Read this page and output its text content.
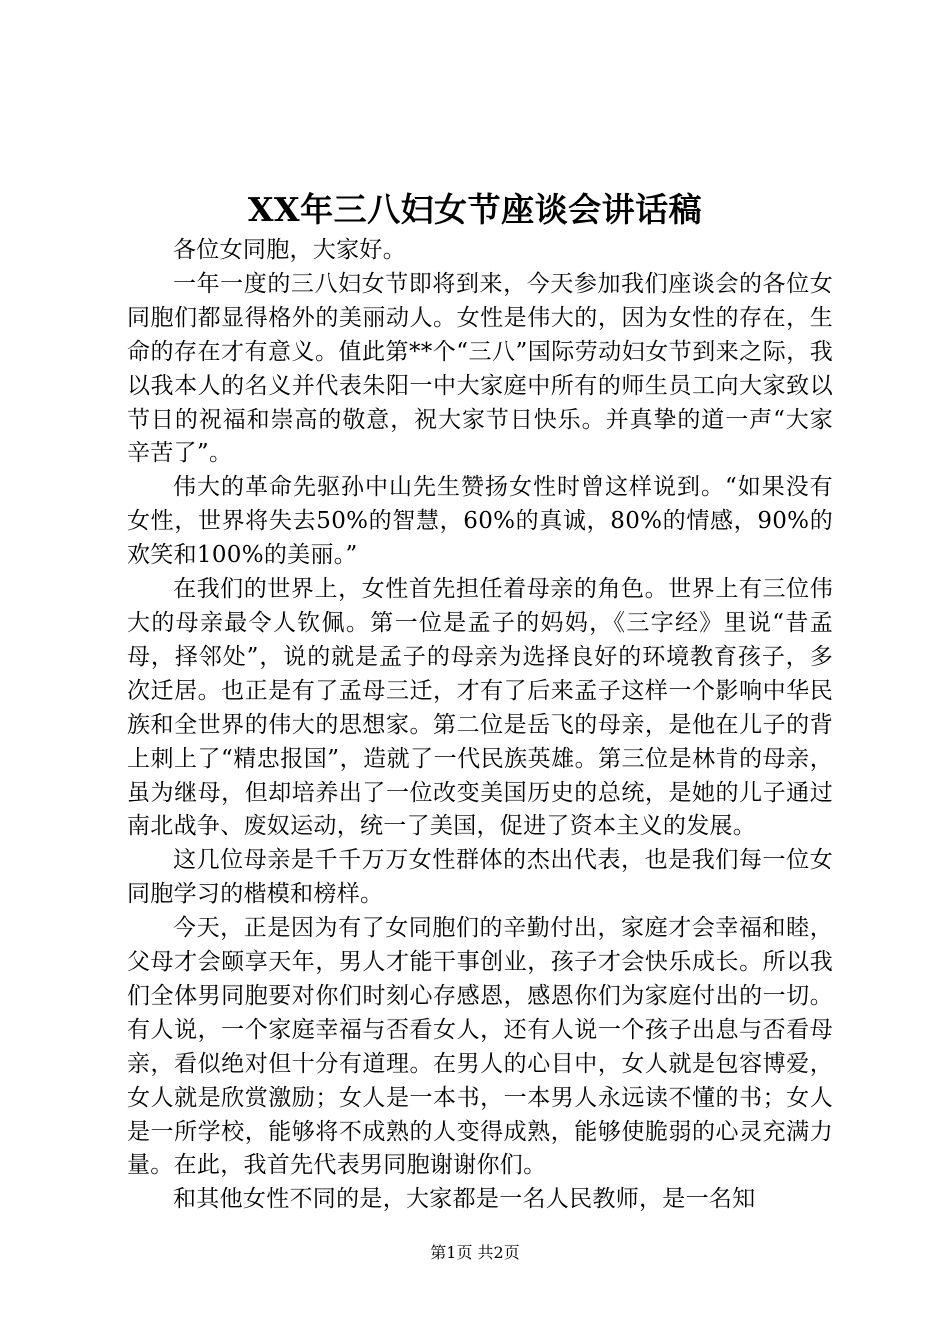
XX年三八妇女节座谈会讲话稿

各位女同胞，大家好。

一年一度的三八妇女节即将到来，今天参加我们座谈会的各位女同胞们都显得格外的美丽动人。女性是伟大的，因为女性的存在，生命的存在才有意义。值此第**个“三八”国际劳动妇女节到来之际，我以我本人的名义并代表朱阳一中大家庭中所有的师生员工向大家致以节日的祝福和崇高的敬意，祝大家节日快乐。并真挚的道一声“大家辛苦了”。

伟大的革命先驱孙中山先生赞扬女性时曾这样说到。“如果没有女性，世界将失去50%的智慧，60%的真诚，80%的情感，90%的欢笑和100%的美丽。”

在我们的世界上，女性首先担任着母亲的角色。世界上有三位伟大的母亲最令人钦佩。第一位是孟子的妈妈，《三字经》里说“昔孟母，择邻处”，说的就是孟子的母亲为选择良好的环境教育孩子，多次迁居。也正是有了孟母三迁，才有了后来孟子这样一个影响中华民族和全世界的伟大的思想家。第二位是岳飞的母亲，是他在儿子的背上刺上了“精忠报国”，造就了一代民族英雄。第三位是林肯的母亲，虽为继母，但却培养出了一位改变美国历史的总统，是她的儿子通过南北战争、废奴运动，统一了美国，促进了资本主义的发展。

这几位母亲是千千万万女性群体的杰出代表，也是我们每一位女同胞学习的楷模和榜样。

今天，正是因为有了女同胞们的辛勤付出，家庭才会幸福和睦，父母才会颐享天年，男人才能干事创业，孩子才会快乐成长。所以我们全体男同胞要对你们时刻心存感恩，感恩你们为家庭付出的一切。有人说，一个家庭幸福与否看女人，还有人说一个孩子出息与否看母亲，看似绝对但十分有道理。在男人的心目中，女人就是包容博爱，女人就是欣赏激励；女人是一本书，一本男人永远读不懂的书；女人是一所学校，能够将不成熟的人变得成熟，能够使脆弱的心灵充满力量。在此，我首先代表男同胞谢谢你们。

和其他女性不同的是，大家都是一名人民教师，是一名知

第1页 共2页
